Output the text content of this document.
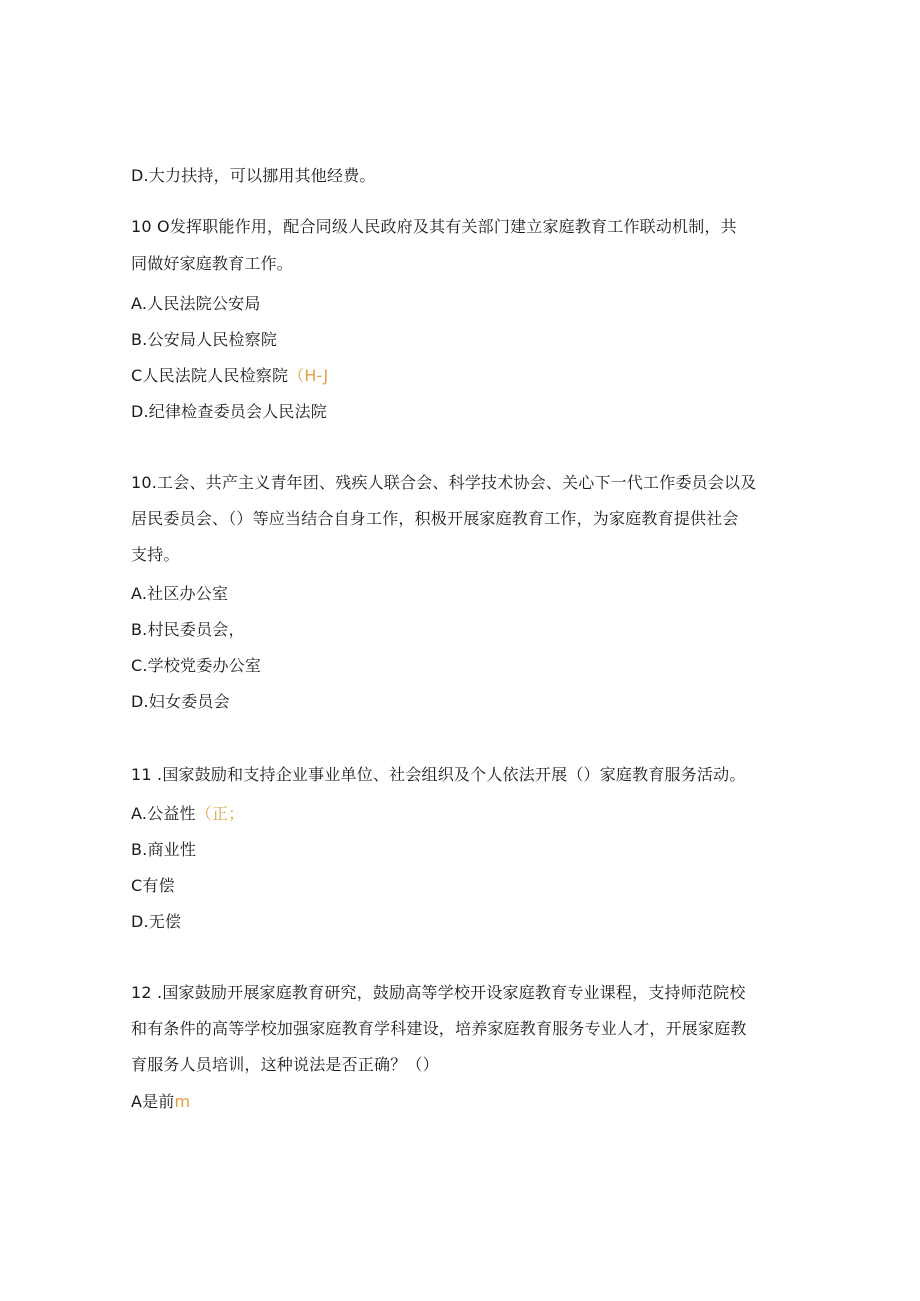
D.大力扶持，可以挪用其他经费。
10 O发挥职能作用，配合同级人民政府及其有关部门建立家庭教育工作联动机制，共
同做好家庭教育工作。
A.人民法院公安局
B.公安局人民检察院
C人民法院人民检察院（H-J
D.纪律检查委员会人民法院
10.工会、共产主义青年团、残疾人联合会、科学技术协会、关心下一代工作委员会以及
居民委员会、（）等应当结合自身工作，积极开展家庭教育工作，为家庭教育提供社会
支持。
A.社区办公室
B.村民委员会，
C.学校党委办公室
D.妇女委员会
11 .国家鼓励和支持企业事业单位、社会组织及个人依法开展（）家庭教育服务活动。
A.公益性（正；
B.商业性
C有偿
D.无偿
12 .国家鼓励开展家庭教育研究，鼓励高等学校开设家庭教育专业课程，支持师范院校
和有条件的高等学校加强家庭教育学科建设，培养家庭教育服务专业人才，开展家庭教
育服务人员培训，这种说法是否正确？（）
A是前m
